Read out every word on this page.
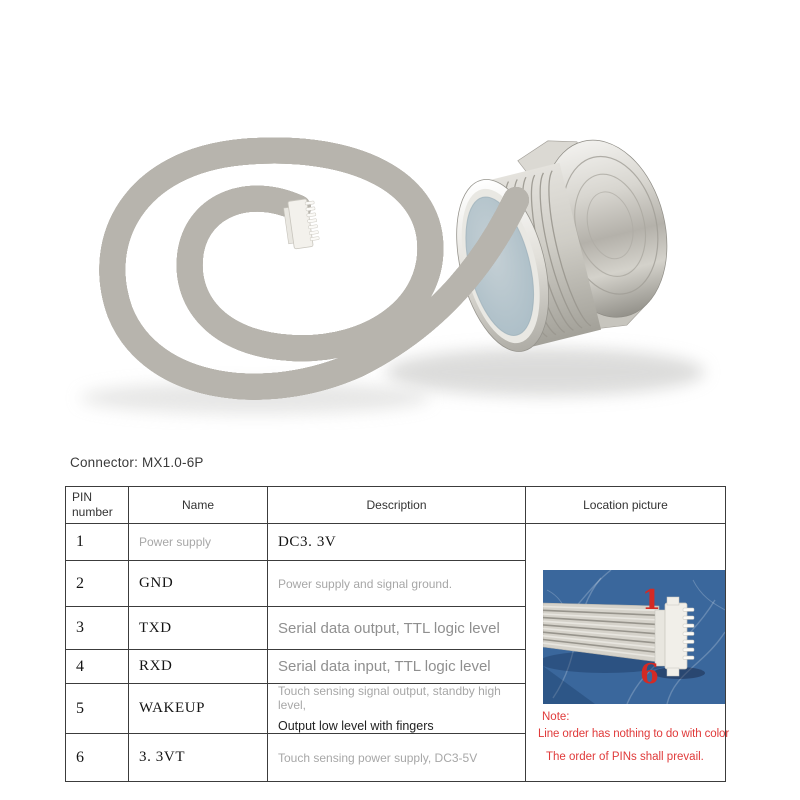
Connector: MX1.0-6P
PIN number	Name	Description	Location picture
1	Power supply	DC3. 3V	1
6
Note:
Line order has nothing to do with color
The order of PINs shall prevail.

2	GND	Power supply and signal ground.	
3	TXD	Serial data output, TTL logic level	
4	RXD	Serial data input, TTL logic level	
5	WAKEUP	Touch sensing signal output, standby high level,
Output low level with fingers	

6	3. 3VT	Touch sensing power supply, DC3-5V	
